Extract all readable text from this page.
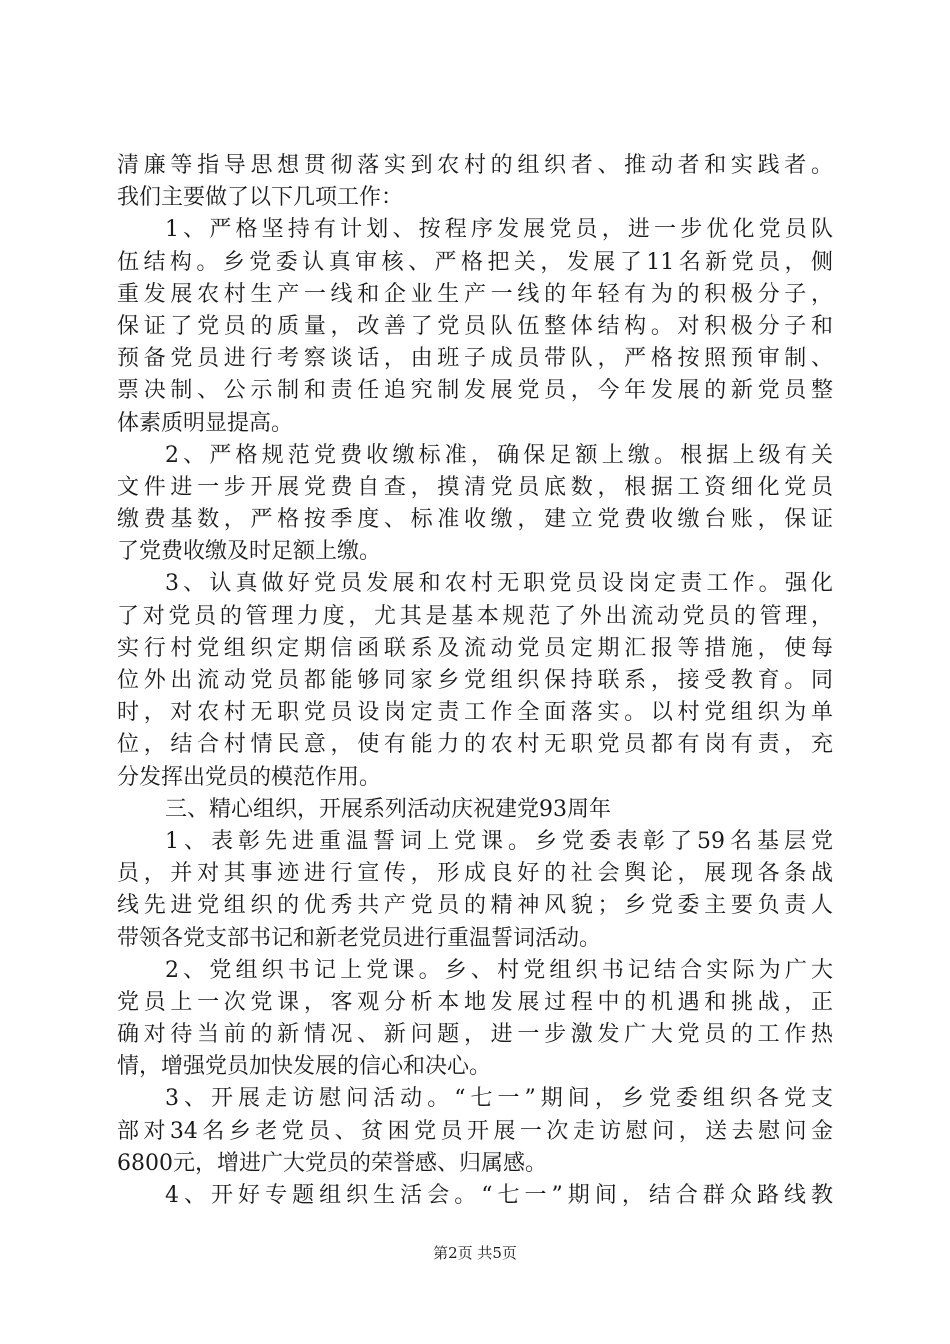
清廉等指导思想贯彻落实到农村的组织者、推动者和实践者。
我们主要做了以下几项工作：
1、严格坚持有计划、按程序发展党员，进一步优化党员队
伍结构。乡党委认真审核、严格把关，发展了11名新党员，侧
重发展农村生产一线和企业生产一线的年轻有为的积极分子，
保证了党员的质量，改善了党员队伍整体结构。对积极分子和
预备党员进行考察谈话，由班子成员带队，严格按照预审制、
票决制、公示制和责任追究制发展党员，今年发展的新党员整
体素质明显提高。
2、严格规范党费收缴标准，确保足额上缴。根据上级有关
文件进一步开展党费自查，摸清党员底数，根据工资细化党员
缴费基数，严格按季度、标准收缴，建立党费收缴台账，保证
了党费收缴及时足额上缴。
3、认真做好党员发展和农村无职党员设岗定责工作。强化
了对党员的管理力度，尤其是基本规范了外出流动党员的管理，
实行村党组织定期信函联系及流动党员定期汇报等措施，使每
位外出流动党员都能够同家乡党组织保持联系，接受教育。同
时，对农村无职党员设岗定责工作全面落实。以村党组织为单
位，结合村情民意，使有能力的农村无职党员都有岗有责，充
分发挥出党员的模范作用。
三、精心组织，开展系列活动庆祝建党93周年
1、表彰先进重温誓词上党课。乡党委表彰了59名基层党
员，并对其事迹进行宣传，形成良好的社会舆论，展现各条战
线先进党组织的优秀共产党员的精神风貌；乡党委主要负责人
带领各党支部书记和新老党员进行重温誓词活动。
2、党组织书记上党课。乡、村党组织书记结合实际为广大
党员上一次党课，客观分析本地发展过程中的机遇和挑战，正
确对待当前的新情况、新问题，进一步激发广大党员的工作热
情，增强党员加快发展的信心和决心。
3、开展走访慰问活动。“七一”期间，乡党委组织各党支
部对34名乡老党员、贫困党员开展一次走访慰问，送去慰问金
6800元，增进广大党员的荣誉感、归属感。
4、开好专题组织生活会。“七一”期间，结合群众路线教
第2页 共5页
